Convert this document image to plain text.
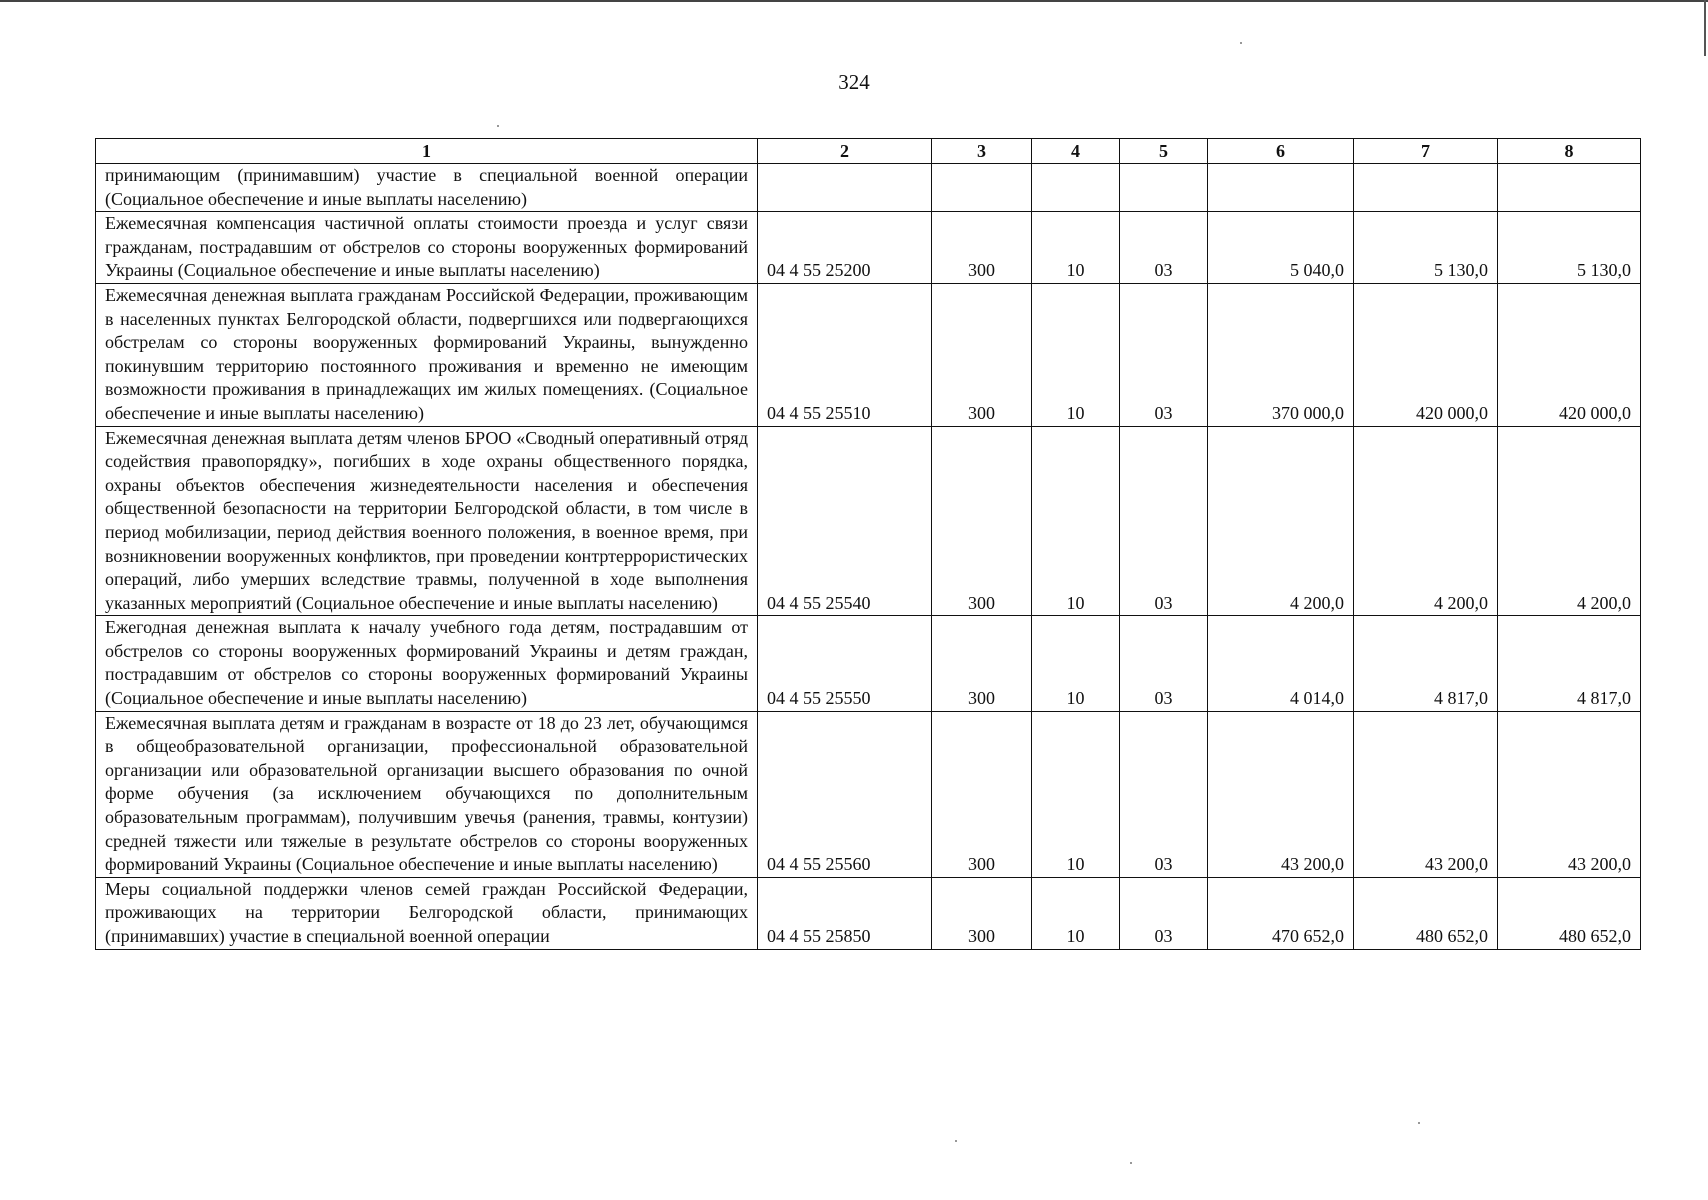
324
1	2	3	4	5	6	7	8
принимающим (принимавшим) участие в специальной военной операции (Социальное обеспечение и иные выплаты населению)							
Ежемесячная компенсация частичной оплаты стоимости проезда и услуг связи гражданам, пострадавшим от обстрелов со стороны вооруженных формирований Украины (Социальное обеспечение и иные выплаты населению)	04 4 55 25200	300	10	03	5 040,0	5 130,0	5 130,0
Ежемесячная денежная выплата гражданам Российской Федерации, проживающим в населенных пунктах Белгородской области, подвергшихся или подвергающихся обстрелам со стороны вооруженных формирований Украины, вынужденно покинувшим территорию постоянного проживания и временно не имеющим возможности проживания в принадлежащих им жилых помещениях. (Социальное обеспечение и иные выплаты населению)	04 4 55 25510	300	10	03	370 000,0	420 000,0	420 000,0
Ежемесячная денежная выплата детям членов БРОО «Сводный оперативный отряд содействия правопорядку», погибших в ходе охраны общественного порядка, охраны объектов обеспечения жизнедеятельности населения и обеспечения общественной безопасности на территории Белгородской области, в том числе в период мобилизации, период действия военного положения, в военное время, при возникновении вооруженных конфликтов, при проведении контртеррористических операций, либо умерших вследствие травмы, полученной в ходе выполнения указанных мероприятий (Социальное обеспечение и иные выплаты населению)	04 4 55 25540	300	10	03	4 200,0	4 200,0	4 200,0
Ежегодная денежная выплата к началу учебного года детям, пострадавшим от обстрелов со стороны вооруженных формирований Украины и детям граждан, пострадавшим от обстрелов со стороны вооруженных формирований Украины (Социальное обеспечение и иные выплаты населению)	04 4 55 25550	300	10	03	4 014,0	4 817,0	4 817,0
Ежемесячная выплата детям и гражданам в возрасте от 18 до 23 лет, обучающимся в общеобразовательной организации, профессиональной образовательной организации или образовательной организации высшего образования по очной форме обучения (за исключением обучающихся по дополнительным образовательным программам), получившим увечья (ранения, травмы, контузии) средней тяжести или тяжелые в результате обстрелов со стороны вооруженных формирований Украины (Социальное обеспечение и иные выплаты населению)	04 4 55 25560	300	10	03	43 200,0	43 200,0	43 200,0
Меры социальной поддержки членов семей граждан Российской Федерации, проживающих на территории Белгородской области, принимающих (принимавших) участие в специальной военной операции	04 4 55 25850	300	10	03	470 652,0	480 652,0	480 652,0
